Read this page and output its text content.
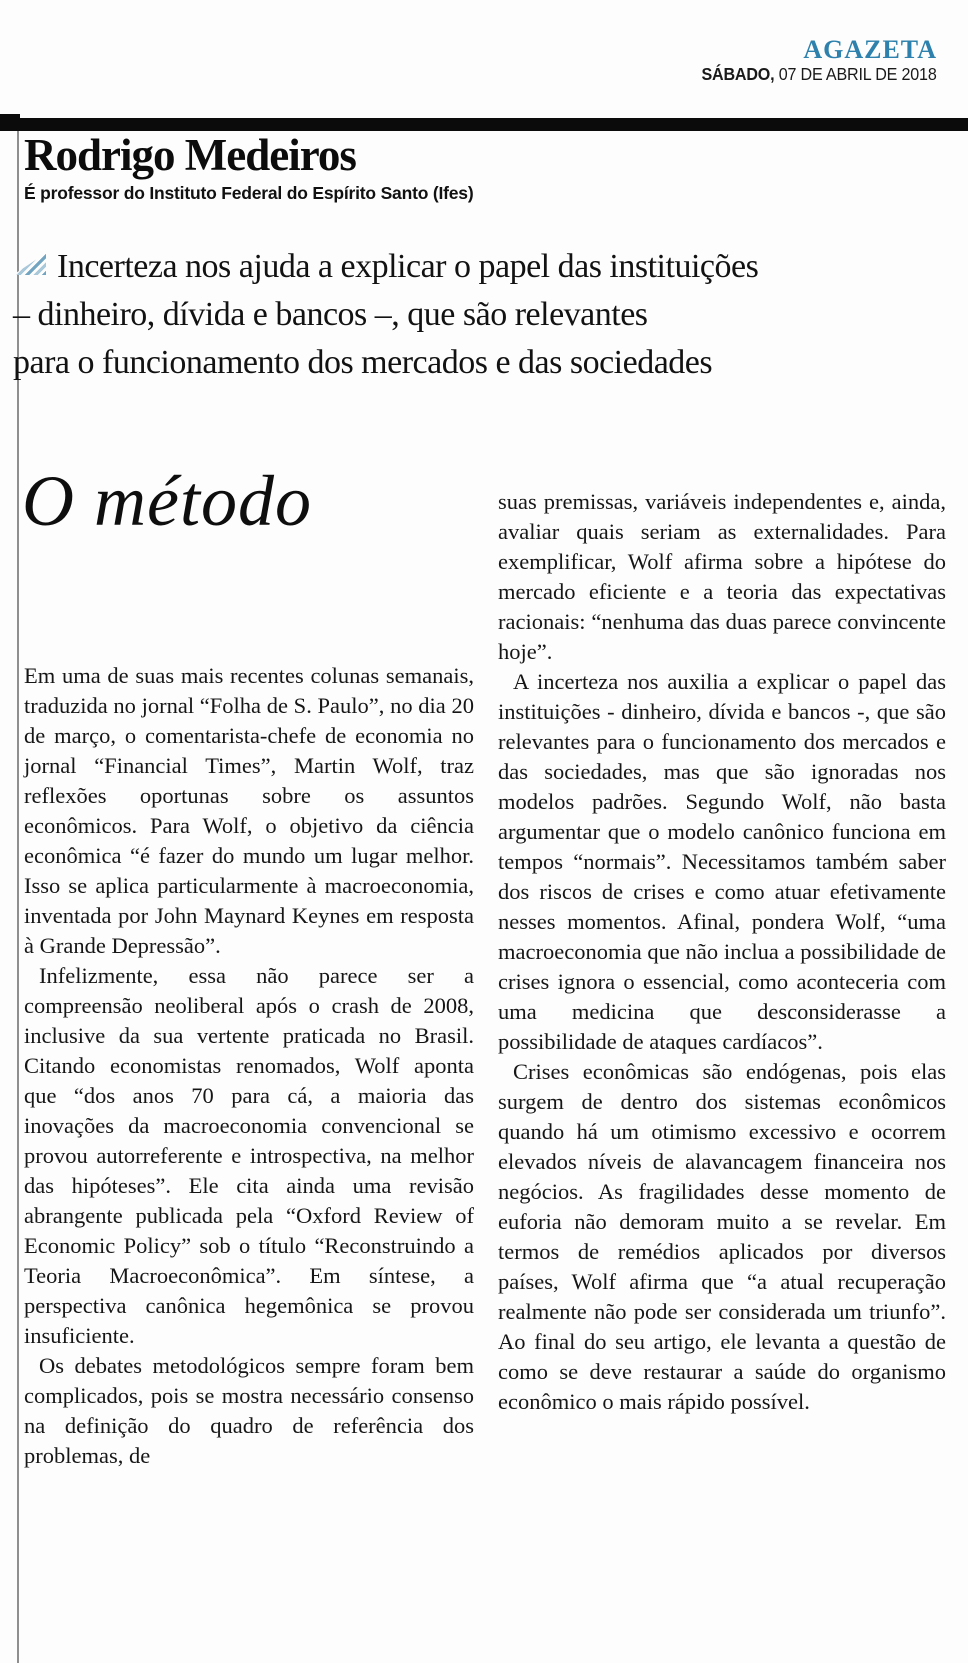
AGAZETA
SÁBADO, 07 DE ABRIL DE 2018
Rodrigo Medeiros
É professor do Instituto Federal do Espírito Santo (Ifes)
Incerteza nos ajuda a explicar o papel das instituições
– dinheiro, dívida e bancos –, que são relevantes
para o funcionamento dos mercados e das sociedades
O método

Em uma de suas mais recentes colunas semanais, traduzida no jornal “Folha de S. Paulo”, no dia 20 de março, o comentarista-chefe de economia no jornal “Financial Times”, Martin Wolf, traz reflexões oportunas sobre os assuntos econômicos. Para Wolf, o objetivo da ciência econômica “é fazer do mundo um lugar melhor. Isso se aplica particularmente à macroeconomia, inventada por John Maynard Keynes em resposta à Grande Depressão”.

Infelizmente, essa não parece ser a compreensão neoliberal após o crash de 2008, inclusive da sua vertente praticada no Brasil. Citando economistas renomados, Wolf aponta que “dos anos 70 para cá, a maioria das inovações da macroeconomia convencional se provou autorreferente e introspectiva, na melhor das hipóteses”. Ele cita ainda uma revisão abrangente publicada pela “Oxford Review of Economic Policy” sob o título “Reconstruindo a Teoria Macroeconômica”. Em síntese, a perspectiva canônica hegemônica se provou insuficiente.

Os debates metodológicos sempre foram bem complicados, pois se mostra necessário consenso na definição do quadro de referência dos problemas, de

suas premissas, variáveis independentes e, ainda, avaliar quais seriam as externalidades. Para exemplificar, Wolf afirma sobre a hipótese do mercado eficiente e a teoria das expectativas racionais: “nenhuma das duas parece convincente hoje”.

A incerteza nos auxilia a explicar o papel das instituições - dinheiro, dívida e bancos -, que são relevantes para o funcionamento dos mercados e das sociedades, mas que são ignoradas nos modelos padrões. Segundo Wolf, não basta argumentar que o modelo canônico funciona em tempos “normais”. Necessitamos também saber dos riscos de crises e como atuar efetivamente nesses momentos. Afinal, pondera Wolf, “uma macroeconomia que não inclua a possibilidade de crises ignora o essencial, como aconteceria com uma medicina que desconsiderasse a possibilidade de ataques cardíacos”.

Crises econômicas são endógenas, pois elas surgem de dentro dos sistemas econômicos quando há um otimismo excessivo e ocorrem elevados níveis de alavancagem financeira nos negócios. As fragilidades desse momento de euforia não demoram muito a se revelar. Em termos de remédios aplicados por diversos países, Wolf afirma que “a atual recuperação realmente não pode ser considerada um triunfo”. Ao final do seu artigo, ele levanta a questão de como se deve restaurar a saúde do organismo econômico o mais rápido possível.
